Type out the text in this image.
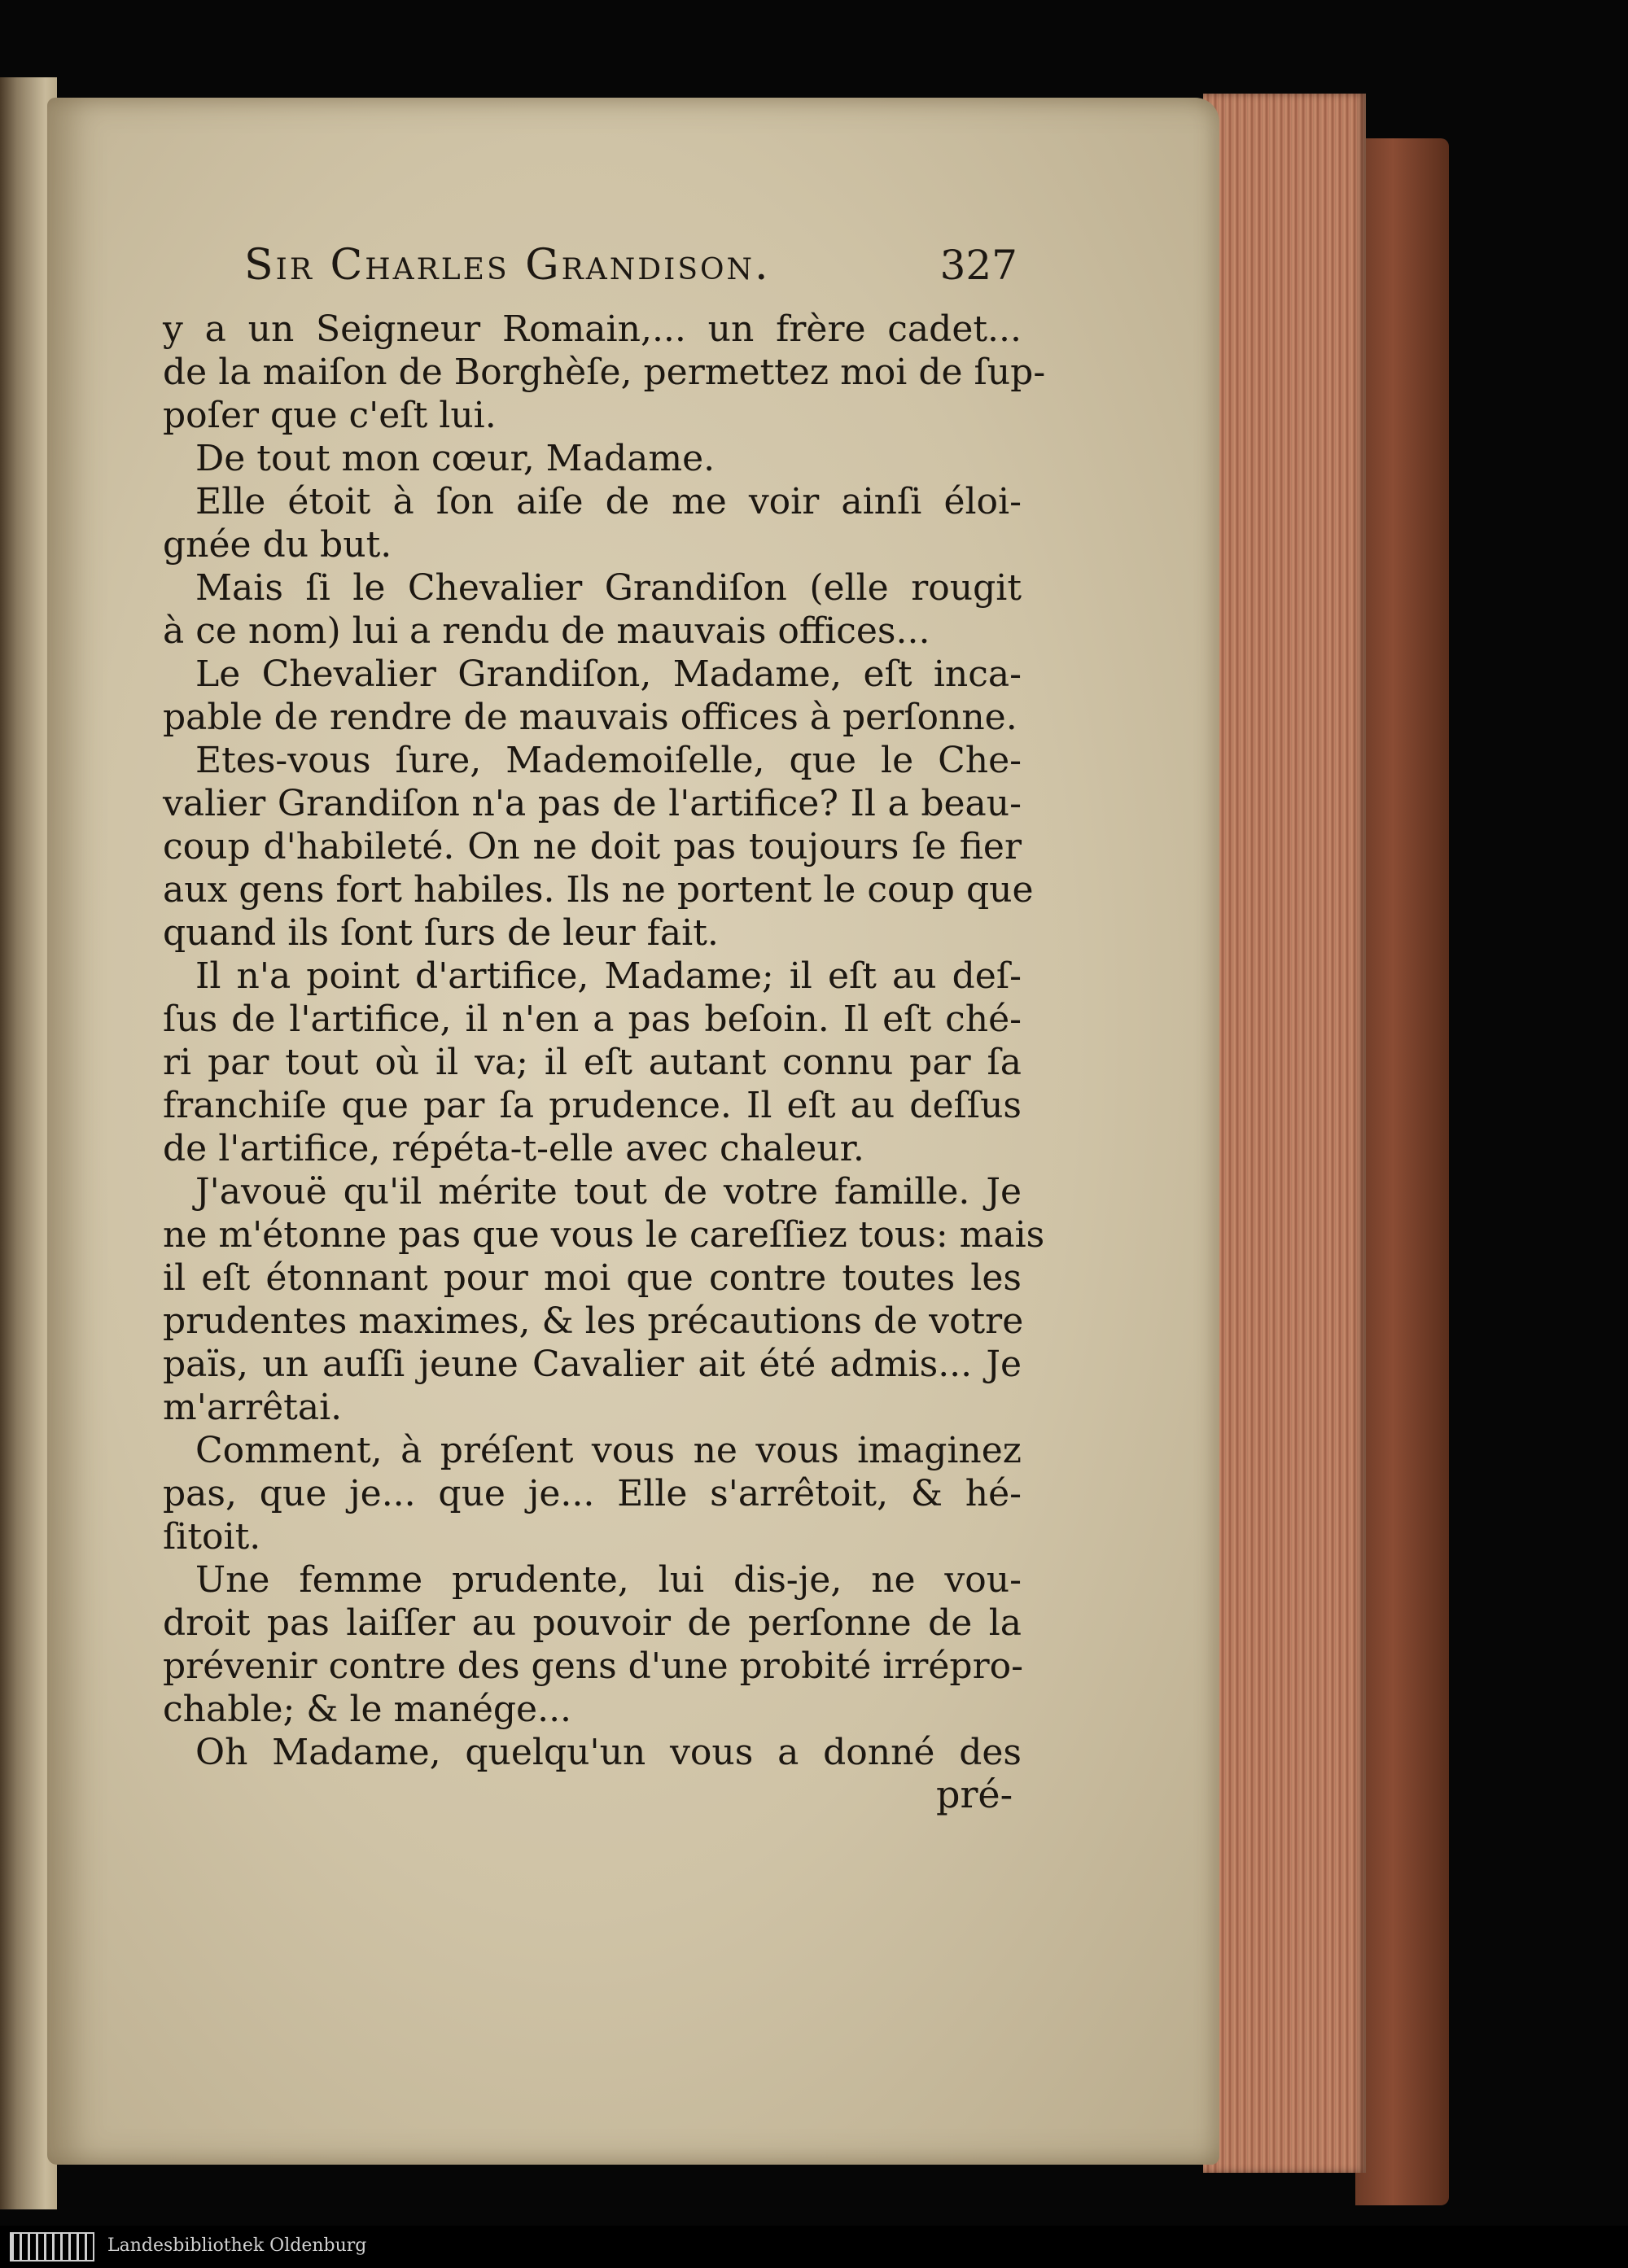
Sir Charles Grandison.	327
y a un Seigneur Romain,... un frère cadet...
de la maiſon de Borghèſe, permettez moi de ſup-
poſer que c'eſt lui.
De tout mon cœur, Madame.
Elle étoit à ſon aiſe de me voir ainſi éloi-
gnée du but.
Mais ſi le Chevalier Grandiſon (elle rougit
à ce nom) lui a rendu de mauvais offices...
Le Chevalier Grandiſon, Madame, eſt inca-
pable de rendre de mauvais offices à perſonne.
Etes-vous ſure, Mademoiſelle, que le Che-
valier Grandiſon n'a pas de l'artifice? Il a beau-
coup d'habileté. On ne doit pas toujours ſe fier
aux gens fort habiles. Ils ne portent le coup que
quand ils ſont ſurs de leur fait.
Il n'a point d'artifice, Madame; il eſt au deſ-
ſus de l'artifice, il n'en a pas beſoin. Il eſt ché-
ri par tout où il va; il eſt autant connu par ſa
franchiſe que par ſa prudence. Il eſt au deſſus
de l'artifice, répéta-t-elle avec chaleur.
J'avouë qu'il mérite tout de votre famille. Je
ne m'étonne pas que vous le careſſiez tous: mais
il eſt étonnant pour moi que contre toutes les
prudentes maximes, & les précautions de votre
païs, un auſſi jeune Cavalier ait été admis... Je
m'arrêtai.
Comment, à préſent vous ne vous imaginez
pas, que je... que je... Elle s'arrêtoit, & hé-
ſitoit.
Une femme prudente, lui dis-je, ne vou-
droit pas laiſſer au pouvoir de perſonne de la
prévenir contre des gens d'une probité irrépro-
chable; & le manége...
Oh Madame, quelqu'un vous a donné des
pré-
Landesbibliothek Oldenburg
